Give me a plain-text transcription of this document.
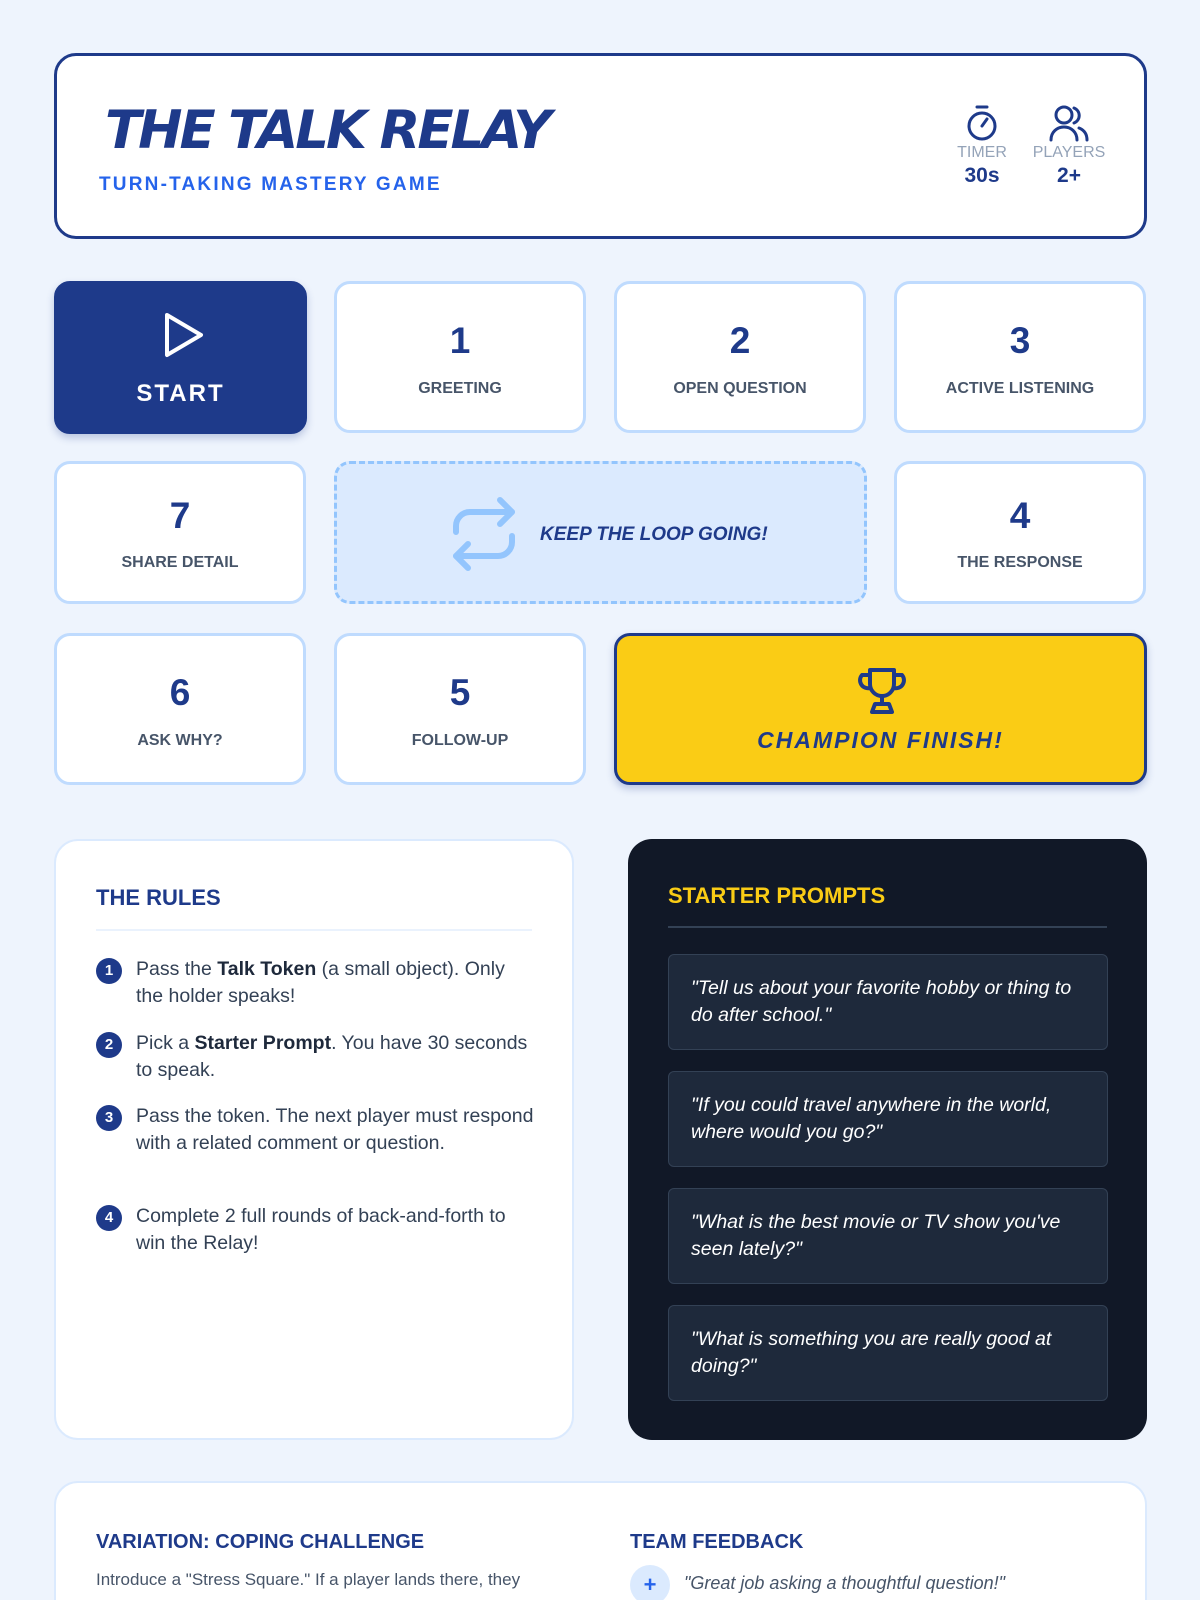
THE TALK RELAY
TURN-TAKING MASTERY GAME
TIMER
30s
PLAYERS
2+
START
1
GREETING
2
OPEN QUESTION
3
ACTIVE LISTENING
7
SHARE DETAIL
KEEP THE LOOP GOING!	4
THE RESPONSE
6
ASK WHY?
5
FOLLOW-UP	CHAMPION FINISH!
THE RULES
1	Pass the Talk Token (a small object). Only the holder speaks!
2	Pick a Starter Prompt. You have 30 seconds to speak.
3	Pass the token. The next player must respond with a related comment or question.
4	Complete 2 full rounds of back-and-forth to win the Relay!
STARTER PROMPTS
"Tell us about your favorite hobby or thing to do after school."
"If you could travel anywhere in the world, where would you go?"
"What is the best movie or TV show you've seen lately?"
"What is something you are really good at doing?"
VARIATION: COPING CHALLENGE
Introduce a "Stress Square." If a player lands there, they
TEAM FEEDBACK
+	"Great job asking a thoughtful question!"
